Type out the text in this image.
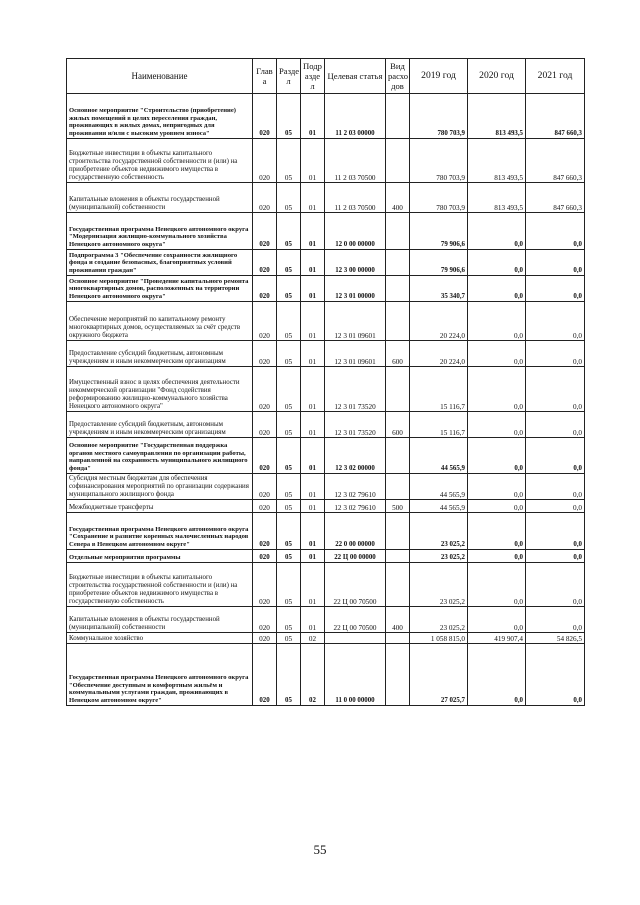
Наименование	Глав а	Разде л	Подр азде л	Целевая статья	Вид расхо дов	2019 год	2020 год	2021 год
Основное мероприятие "Строительство (приобретение) жилых помещений в целях переселения граждан, проживающих в жилых домах, непригодных для проживания и/или с высоким уровнем износа"	020	05	01	11 2 03 00000		780 703,9	813 493,5	847 660,3
Бюджетные инвестиции в объекты капитального строительства государственной собственности и (или) на приобретение объектов недвижимого имущества в государственную собственность	020	05	01	11 2 03 70500		780 703,9	813 493,5	847 660,3
Капитальные вложения в объекты государственной (муниципальной) собственности	020	05	01	11 2 03 70500	400	780 703,9	813 493,5	847 660,3
Государственная программа Ненецкого автономного округа "Модернизация жилищно-коммунального хозяйства Ненецкого автономного округа"	020	05	01	12 0 00 00000		79 906,6	0,0	0,0
Подпрограмма 3 "Обеспечение сохранности жилищного фонда и создание безопасных, благоприятных условий проживания граждан"	020	05	01	12 3 00 00000		79 906,6	0,0	0,0
Основное мероприятие "Проведение капитального ремонта многоквартирных домов, расположенных на территории Ненецкого автономного округа"	020	05	01	12 3 01 00000		35 340,7	0,0	0,0
Обеспечение мероприятий по капитальному ремонту многоквартирных домов, осуществляемых за счёт средств окружного бюджета	020	05	01	12 3 01 09601		20 224,0	0,0	0,0
Предоставление субсидий бюджетным, автономным учреждениям и иным некоммерческим организациям	020	05	01	12 3 01 09601	600	20 224,0	0,0	0,0
Имущественный взнос в целях обеспечения деятельности некоммерческой организации "Фонд содействия реформированию жилищно-коммунального хозяйства Ненецкого автономного округа"	020	05	01	12 3 01 73520		15 116,7	0,0	0,0
Предоставление субсидий бюджетным, автономным учреждениям и иным некоммерческим организациям	020	05	01	12 3 01 73520	600	15 116,7	0,0	0,0
Основное мероприятие "Государственная поддержка органов местного самоуправления по организации работы, направленной на сохранность муниципального жилищного фонда"	020	05	01	12 3 02 00000		44 565,9	0,0	0,0
Субсидия местным бюджетам для обеспечения софинансирования мероприятий по организации содержания муниципального жилищного фонда	020	05	01	12 3 02 79610		44 565,9	0,0	0,0
Межбюджетные трансферты	020	05	01	12 3 02 79610	500	44 565,9	0,0	0,0
Государственная программа Ненецкого автономного округа "Сохранение и развитие коренных малочисленных народов Севера в Ненецком автономном округе"	020	05	01	22 0 00 00000		23 025,2	0,0	0,0
Отдельные мероприятия программы	020	05	01	22 Ц 00 00000		23 025,2	0,0	0,0
Бюджетные инвестиции в объекты капитального строительства государственной собственности и (или) на приобретение объектов недвижимого имущества в государственную собственность	020	05	01	22 Ц 00 70500		23 025,2	0,0	0,0
Капитальные вложения в объекты государственной (муниципальной) собственности	020	05	01	22 Ц 00 70500	400	23 025,2	0,0	0,0
Коммунальное хозяйство	020	05	02			1 058 815,0	419 907,4	54 826,5
Государственная программа Ненецкого автономного округа "Обеспечение доступным и комфортным жильём и коммунальными услугами граждан, проживающих в Ненецком автономном округе"	020	05	02	11 0 00 00000		27 025,7	0,0	0,0
55
